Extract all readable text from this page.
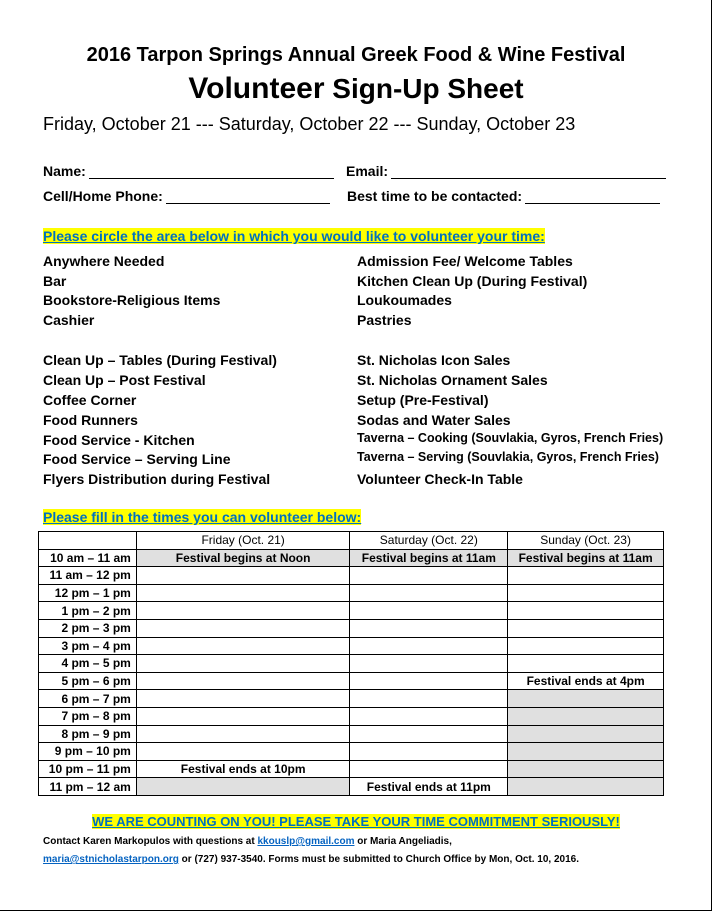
2016 Tarpon Springs Annual Greek Food & Wine Festival
Volunteer Sign-Up Sheet
Friday, October 21 --- Saturday, October 22 --- Sunday, October 23
Name:	Email:
Cell/Home Phone:	Best time to be contacted:
Please circle the area below in which you would like to volunteer your time:
Anywhere Needed
Bar
Bookstore-Religious Items
Cashier
Admission Fee/ Welcome Tables
Kitchen Clean Up (During Festival)
Loukoumades
Pastries
Clean Up – Tables (During Festival)
Clean Up – Post Festival
Coffee Corner
Food Runners
Food Service - Kitchen
Food Service – Serving Line
Flyers Distribution during Festival
St. Nicholas Icon Sales
St. Nicholas Ornament Sales
Setup (Pre-Festival)
Sodas and Water Sales
Taverna – Cooking (Souvlakia, Gyros, French Fries)
Taverna – Serving (Souvlakia, Gyros, French Fries)
Volunteer Check-In Table
Please fill in the times you can volunteer below:
	Friday (Oct. 21)	Saturday (Oct. 22)	Sunday (Oct. 23)
10 am – 11 am	Festival begins at Noon	Festival begins at 11am	Festival begins at 11am
11 am – 12 pm			
12 pm – 1 pm			
1 pm – 2 pm			
2 pm – 3 pm			
3 pm – 4 pm			
4 pm – 5 pm			
5 pm – 6 pm			Festival ends at 4pm
6 pm – 7 pm			
7 pm – 8 pm			
8 pm – 9 pm			
9 pm – 10 pm			
10 pm – 11 pm	Festival ends at 10pm		
11 pm – 12 am		Festival ends at 11pm	
WE ARE COUNTING ON YOU! PLEASE TAKE YOUR TIME COMMITMENT SERIOUSLY!
Contact Karen Markopulos with questions at kkouslp@gmail.com or Maria Angeliadis,
maria@stnicholastarpon.org or (727) 937-3540. Forms must be submitted to Church Office by Mon, Oct. 10, 2016.
